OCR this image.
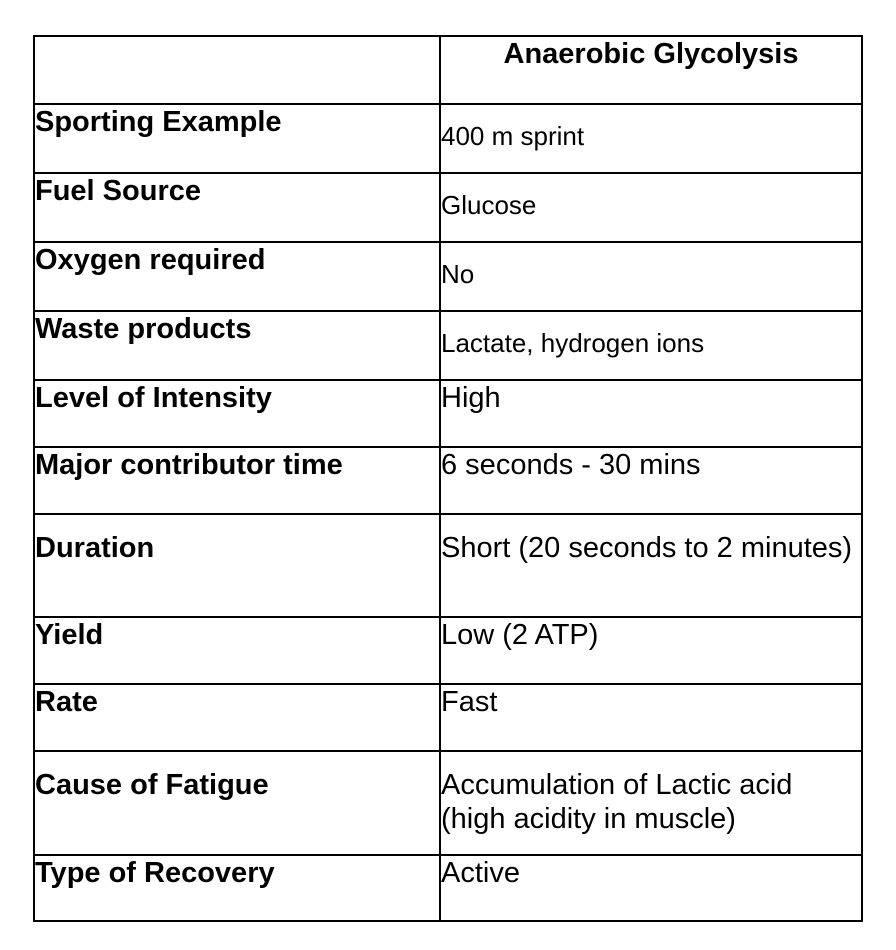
	Anaerobic Glycolysis
Sporting Example	400 m sprint
Fuel Source	Glucose
Oxygen required	No
Waste products	Lactate, hydrogen ions
Level of Intensity	High
Major contributor time	6 seconds - 30 mins
Duration	Short (20 seconds to 2 minutes)
Yield	Low (2 ATP)
Rate	Fast
Cause of Fatigue	Accumulation of Lactic acid (high acidity in muscle)
Type of Recovery	Active
